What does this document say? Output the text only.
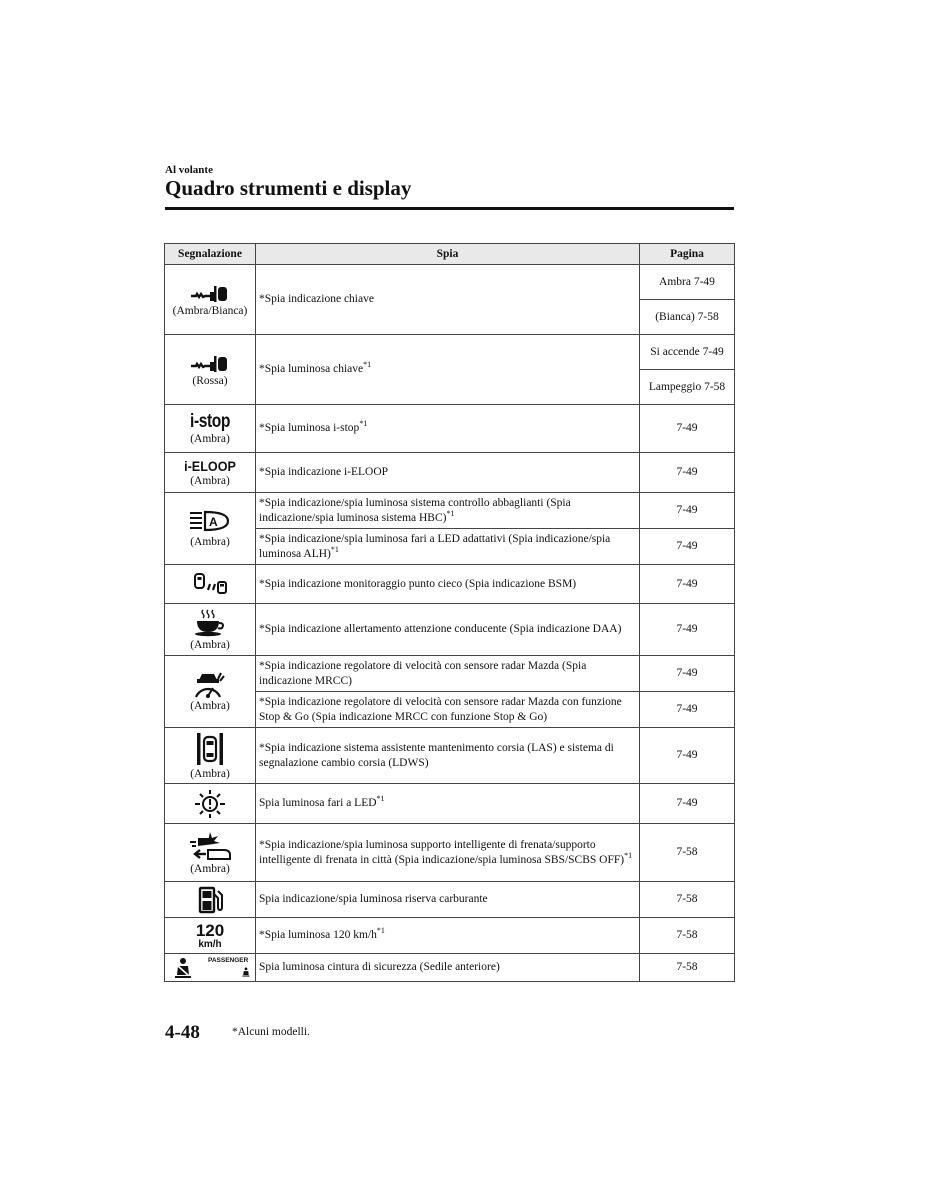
Al volante
Quadro strumenti e display
Segnalazione	Spia	Pagina

(Ambra/Bianca)	*Spia indicazione chiave	Ambra 7-49
		(Bianca) 7-58

(Rossa)	*Spia luminosa chiave$^{*1}$	Si accende 7-49
		Lampeggio 7-58

i-stop
(Ambra)	*Spia luminosa i-stop$^{*1}$	7-49

i-ELOOP
(Ambra)	*Spia indicazione i-ELOOP	7-49

A
(Ambra)	*Spia indicazione/spia luminosa sistema controllo abbaglianti (Spia indicazione/spia luminosa sistema HBC)$^{*1}$	7-49
	*Spia indicazione/spia luminosa fari a LED adattativi (Spia indicazione/spia luminosa ALH)$^{*1}$	7-49

	*Spia indicazione monitoraggio punto cieco (Spia indicazione BSM)	7-49

(Ambra)	*Spia indicazione allertamento attenzione conducente (Spia indicazione DAA)	7-49

(Ambra)	*Spia indicazione regolatore di velocità con sensore radar Mazda (Spia indicazione MRCC)	7-49
	*Spia indicazione regolatore di velocità con sensore radar Mazda con funzione Stop & Go (Spia indicazione MRCC con funzione Stop & Go)	7-49

(Ambra)	*Spia indicazione sistema assistente mantenimento corsia (LAS) e sistema di segnalazione cambio corsia (LDWS)	7-49

	Spia luminosa fari a LED$^{*1}$	7-49

(Ambra)	*Spia indicazione/spia luminosa supporto intelligente di frenata/supporto intelligente di frenata in città (Spia indicazione/spia luminosa SBS/SCBS OFF)$^{*1}$	7-58

	Spia indicazione/spia luminosa riserva carburante	7-58

120
km/h	*Spia luminosa 120 $km/h^{*1}$	7-58

PASSENGER	Spia luminosa cintura di sicurezza (Sedile anteriore)	7-58
4-48	*Alcuni modelli.
